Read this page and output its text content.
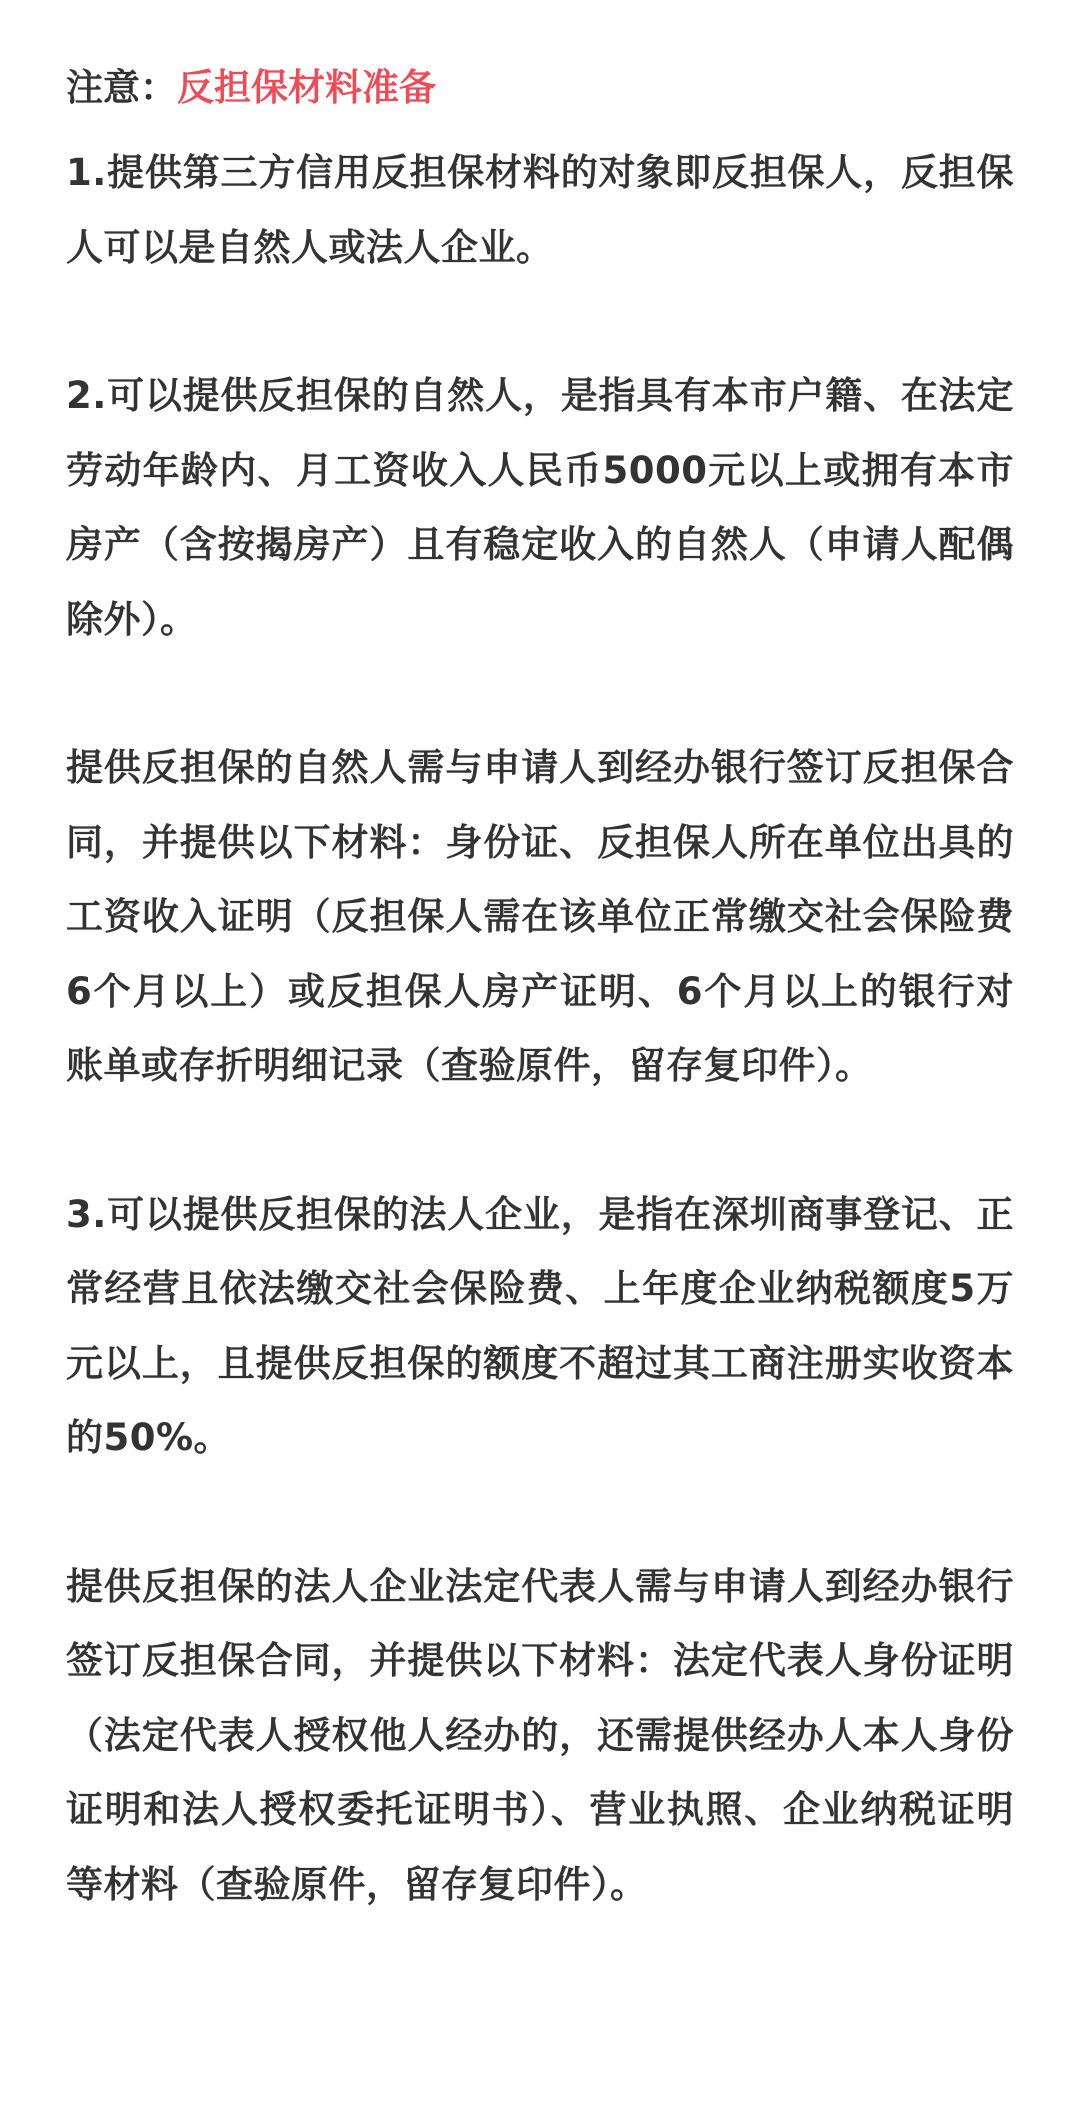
注意：反担保材料准备

1.提供第三方信用反担保材料的对象即反担保人，反担保人可以是自然人或法人企业。

2.可以提供反担保的自然人，是指具有本市户籍、在法定劳动年龄内、月工资收入人民币5000元以上或拥有本市房产（含按揭房产）且有稳定收入的自然人（申请人配偶除外）。

提供反担保的自然人需与申请人到经办银行签订反担保合同，并提供以下材料：身份证、反担保人所在单位出具的工资收入证明（反担保人需在该单位正常缴交社会保险费6个月以上）或反担保人房产证明、6个月以上的银行对账单或存折明细记录（查验原件，留存复印件）。

3.可以提供反担保的法人企业，是指在深圳商事登记、正常经营且依法缴交社会保险费、上年度企业纳税额度5万元以上，且提供反担保的额度不超过其工商注册实收资本的50%。

提供反担保的法人企业法定代表人需与申请人到经办银行签订反担保合同，并提供以下材料：法定代表人身份证明（法定代表人授权他人经办的，还需提供经办人本人身份证明和法人授权委托证明书）、营业执照、企业纳税证明等材料（查验原件，留存复印件）。
